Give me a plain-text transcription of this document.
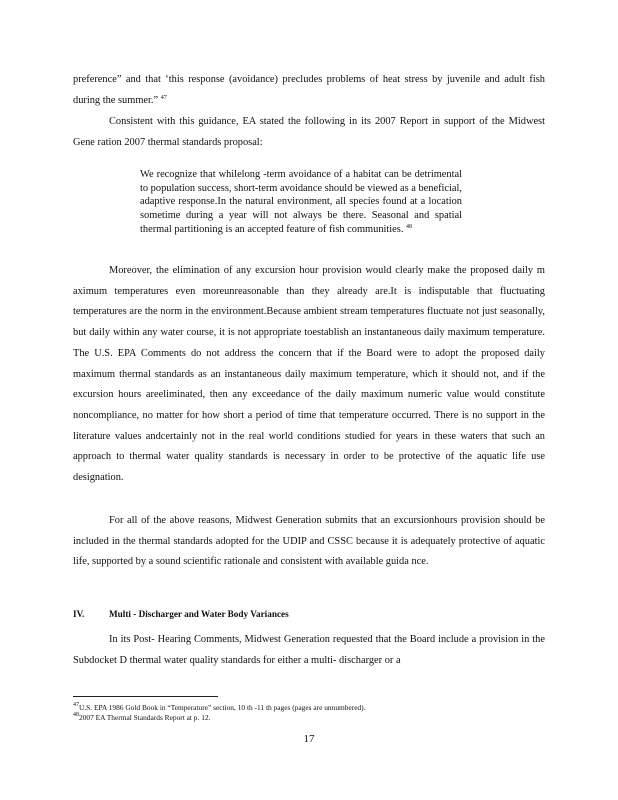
preference” and that ‘this response (avoidance) precludes problems of heat stress by juvenile and adult fish during the summer.” $^{47}$

Consistent with this guidance, EA stated the following in its 2007 Report in support of the Midwest Gene ration 2007 thermal standards proposal:

We recognize that whilelong -term avoidance of a habitat can be detrimental to population success, short-term avoidance should be viewed as a beneficial, adaptive response.In the natural environment, all species found at a location sometime during a year will not always be there. Seasonal and spatial thermal partitioning is an accepted feature of fish communities. $^{48}$

Moreover, the elimination of any excursion hour provision would clearly make the proposed daily m aximum temperatures even moreunreasonable than they already are.It is indisputable that fluctuating temperatures are the norm in the environment.Because ambient stream temperatures fluctuate not just seasonally, but daily within any water course, it is not appropriate toestablish an instantaneous daily maximum temperature. The U.S. EPA Comments do not address the concern that if the Board were to adopt the proposed daily maximum thermal standards as an instantaneous daily maximum temperature, which it should not, and if the excursion hours areeliminated, then any exceedance of the daily maximum numeric value would constitute noncompliance, no matter for how short a period of time that temperature occurred. There is no support in the literature values andcertainly not in the real world conditions studied for years in these waters that such an approach to thermal water quality standards is necessary in order to be protective of the aquatic life use designation.

For all of the above reasons, Midwest Generation submits that an excursionhours provision should be included in the thermal standards adopted for the UDIP and CSSC because it is adequately protective of aquatic life, supported by a sound scientific rationale and consistent with available guida nce.

IV.	Multi - Discharger and Water Body Variances

In its Post- Hearing Comments, Midwest Generation requested that the Board include a provision in the Subdocket D thermal water quality standards for either a multi- discharger or a

$^{47}$U.S. EPA 1986 Gold Book in “Temperature” section, 10 th -11 th pages (pages are unnumbered).
$^{48}$2007 EA Thermal Standards Report at p. 12.
17
